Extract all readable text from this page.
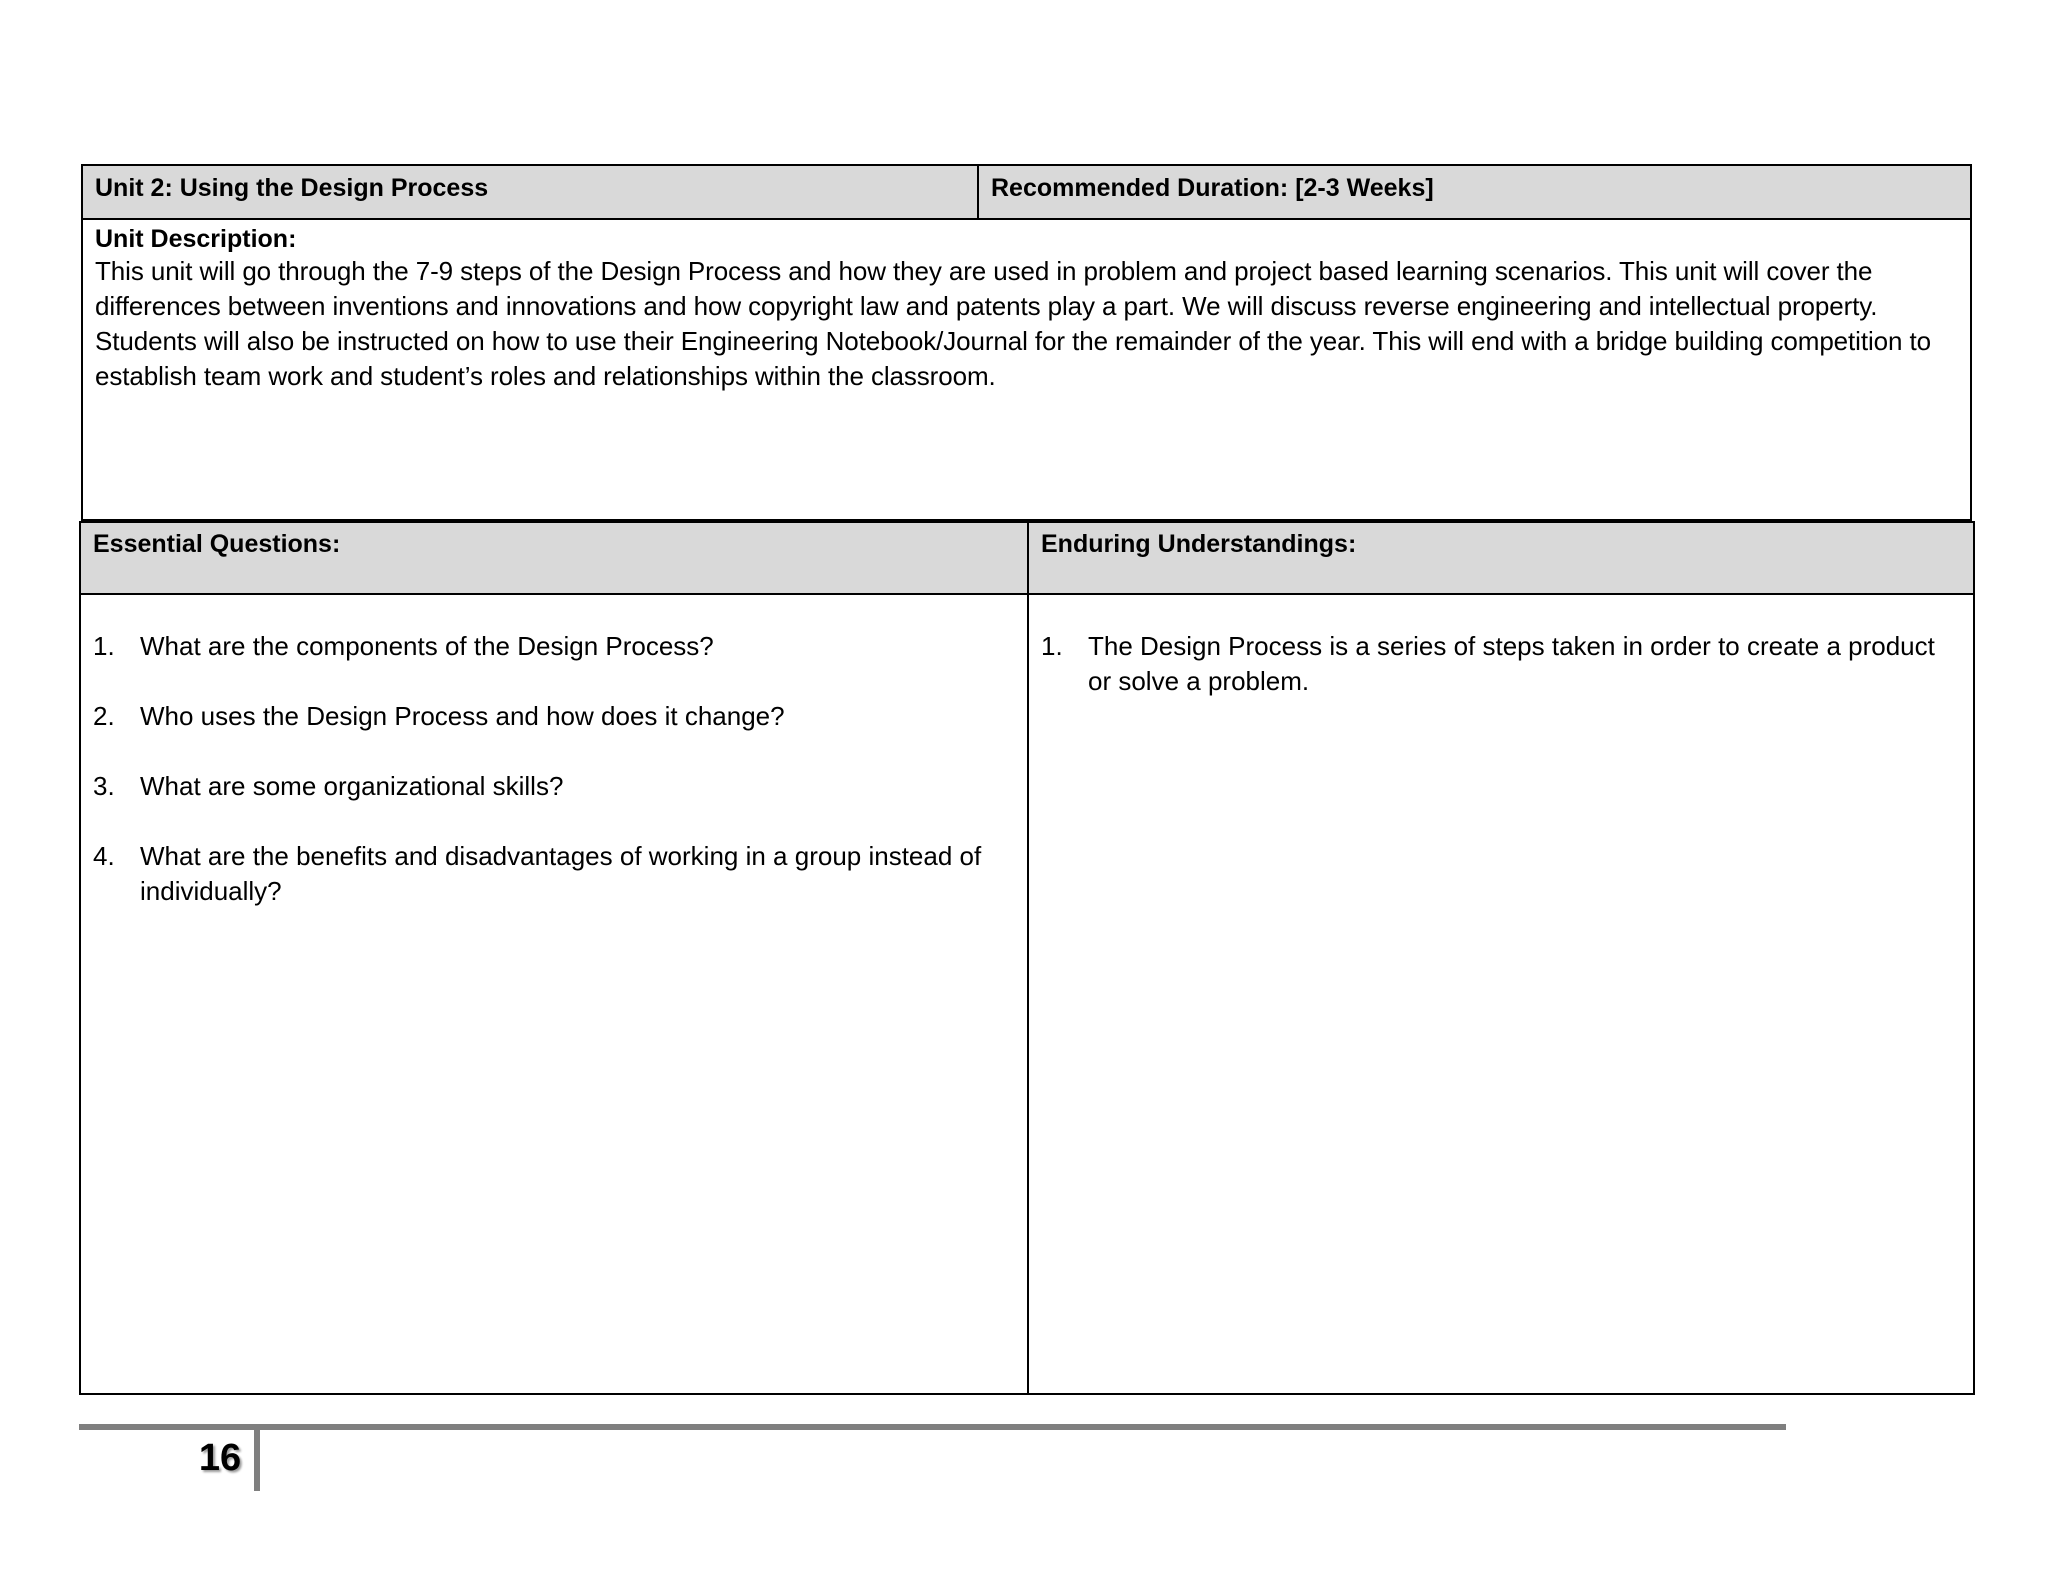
Unit 2: Using the Design Process	Recommended Duration: [2-3 Weeks]
Unit Description:

This unit will go through the 7-9 steps of the Design Process and how they are used in problem and project based learning scenarios. This unit will cover the differences between inventions and innovations and how copyright law and patents play a part. We will discuss reverse engineering and intellectual property. Students will also be instructed on how to use their Engineering Notebook/Journal for the remainder of the year. This will end with a bridge building competition to establish team work and student’s roles and relationships within the classroom.

Essential Questions:	Enduring Understandings:
1. What are the components of the Design Process?
2. Who uses the Design Process and how does it change?
3. What are some organizational skills?
4. What are the benefits and disadvantages of working in a group instead of individually?
1. The Design Process is a series of steps taken in order to create a product or solve a problem.
16
